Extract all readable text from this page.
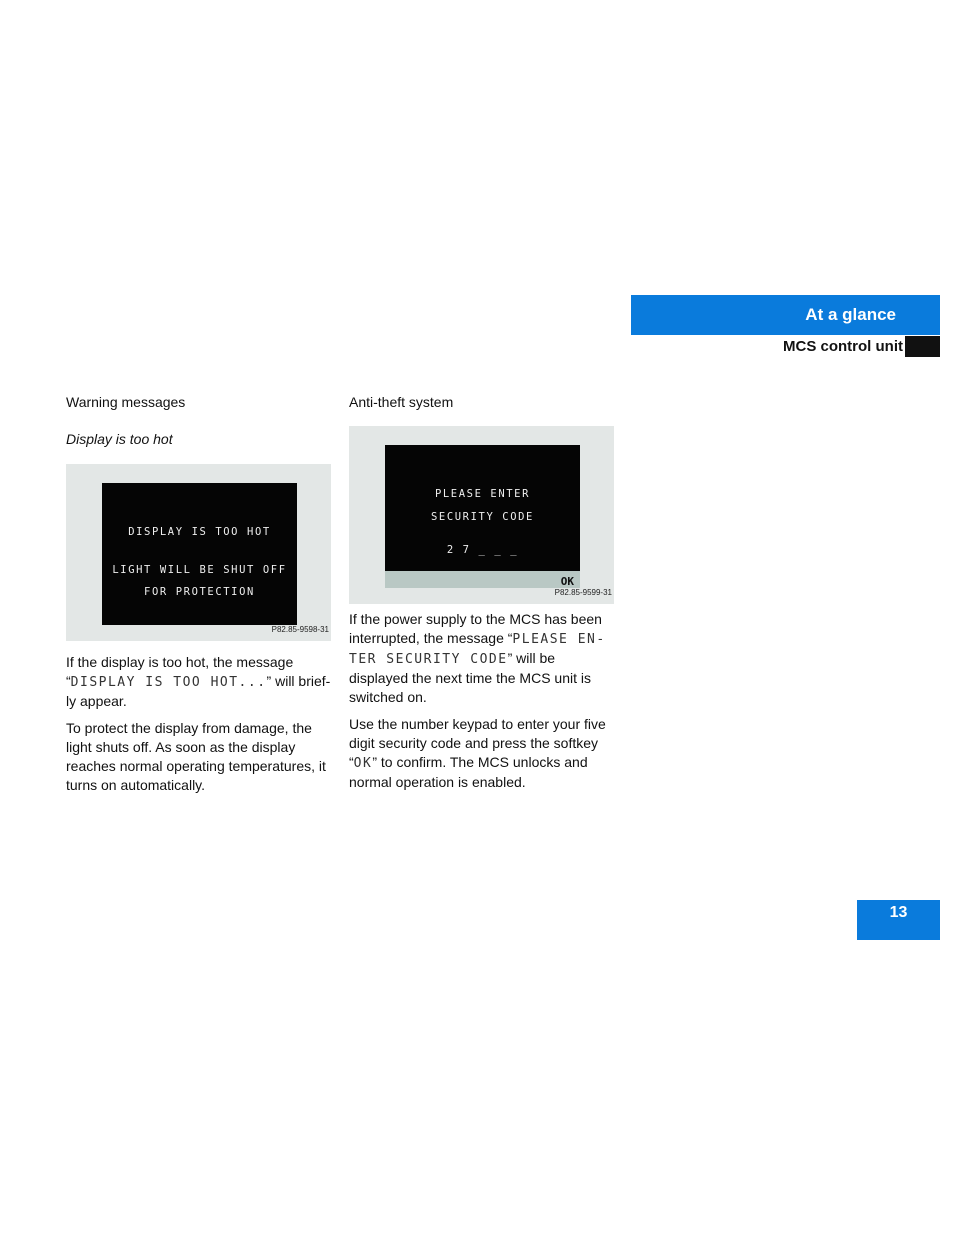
At a glance
MCS control unit
Warning messages
Display is too hot
DISPLAY IS TOO HOT
LIGHT WILL BE SHUT OFF
FOR PROTECTION
P82.85-9598-31

If the display is too hot, the message “DISPLAY IS TOO HOT...” will brief-ly appear.

To protect the display from damage, the light shuts off. As soon as the display reaches normal operating temperatures, it turns on automatically.

Anti-theft system
PLEASE ENTER
SECURITY CODE
2 7 _ _ _
OK
P82.85-9599-31

If the power supply to the MCS has been interrupted, the message “PLEASE EN-TER SECURITY CODE” will be displayed the next time the MCS unit is switched on.

Use the number keypad to enter your five digit security code and press the softkey “OK” to confirm. The MCS unlocks and normal operation is enabled.

13
